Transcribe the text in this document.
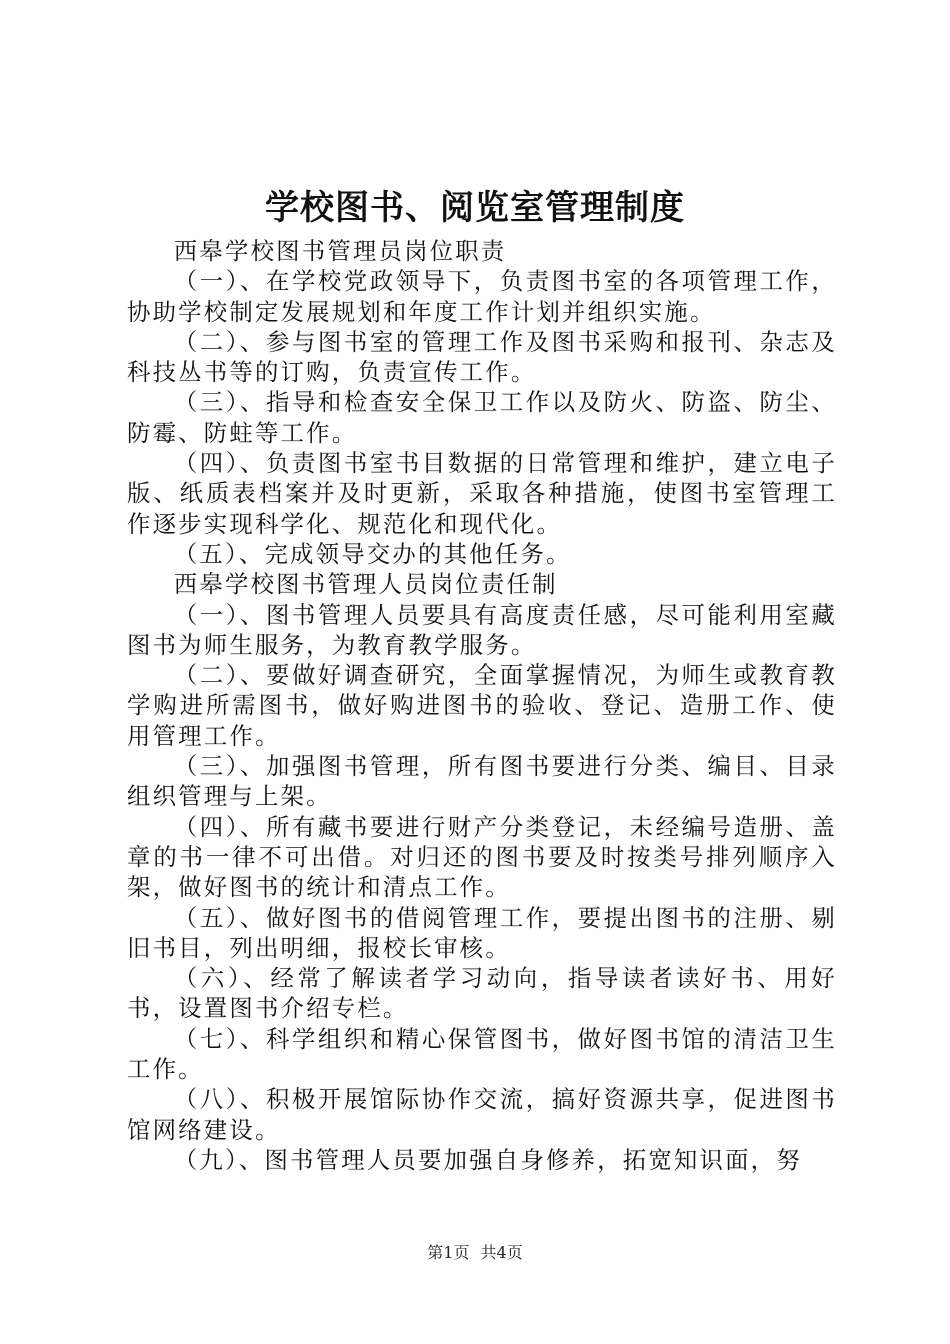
学校图书、阅览室管理制度

西皋学校图书管理员岗位职责

（一）、在学校党政领导下，负责图书室的各项管理工作，协助学校制定发展规划和年度工作计划并组织实施。

（二）、参与图书室的管理工作及图书采购和报刊、杂志及科技丛书等的订购，负责宣传工作。

（三）、指导和检查安全保卫工作以及防火、防盗、防尘、防霉、防蛀等工作。

（四）、负责图书室书目数据的日常管理和维护，建立电子版、纸质表档案并及时更新，采取各种措施，使图书室管理工作逐步实现科学化、规范化和现代化。

（五）、完成领导交办的其他任务。

西皋学校图书管理人员岗位责任制

（一）、图书管理人员要具有高度责任感，尽可能利用室藏图书为师生服务，为教育教学服务。

（二）、要做好调查研究，全面掌握情况，为师生或教育教学购进所需图书，做好购进图书的验收、登记、造册工作、使用管理工作。

（三）、加强图书管理，所有图书要进行分类、编目、目录组织管理与上架。

（四）、所有藏书要进行财产分类登记，未经编号造册、盖章的书一律不可出借。对归还的图书要及时按类号排列顺序入架，做好图书的统计和清点工作。

（五）、做好图书的借阅管理工作，要提出图书的注册、剔旧书目，列出明细，报校长审核。

（六）、经常了解读者学习动向，指导读者读好书、用好书，设置图书介绍专栏。

（七）、科学组织和精心保管图书，做好图书馆的清洁卫生工作。

（八）、积极开展馆际协作交流，搞好资源共享，促进图书馆网络建设。

（九）、图书管理人员要加强自身修养，拓宽知识面，努

第1页 共4页
